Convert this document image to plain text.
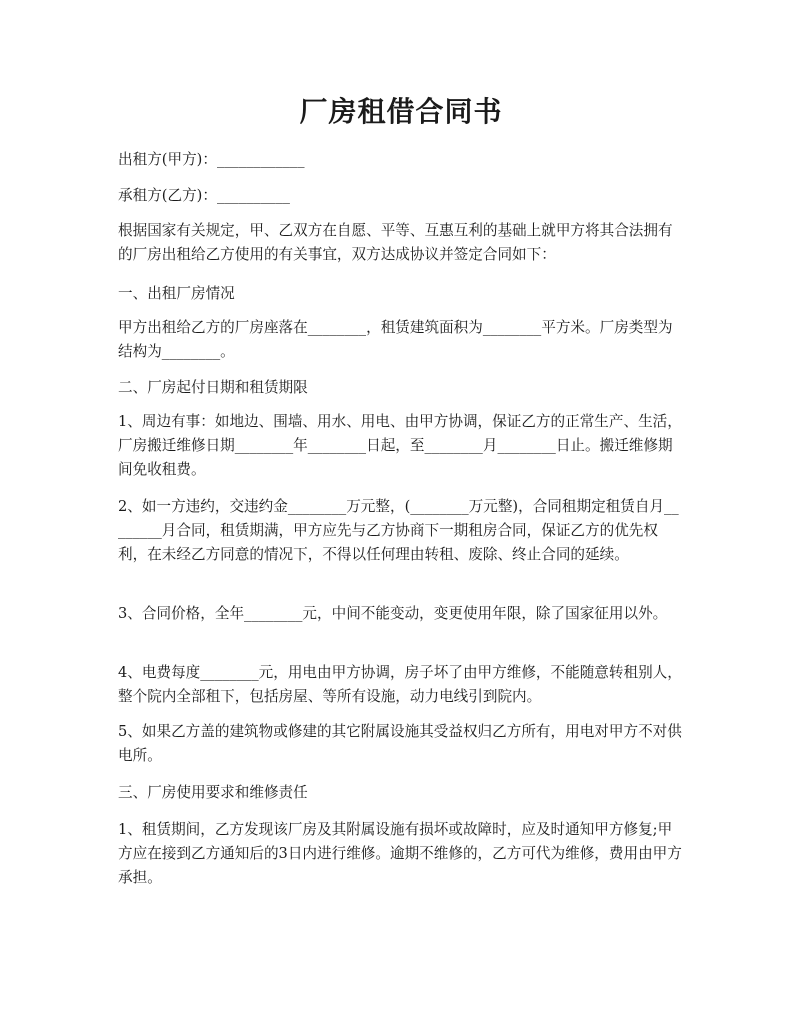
厂房租借合同书

出租方(甲方)：____________

承租方(乙方)：__________

根据国家有关规定，甲、乙双方在自愿、平等、互惠互利的基础上就甲方将其合法拥有的厂房出租给乙方使用的有关事宜，双方达成协议并签定合同如下：

一、出租厂房情况

甲方出租给乙方的厂房座落在________，租赁建筑面积为________平方米。厂房类型为结构为________。

二、厂房起付日期和租赁期限

1、周边有事：如地边、围墙、用水、用电、由甲方协调，保证乙方的正常生产、生活，厂房搬迁维修日期________年________日起，至________月________日止。搬迁维修期间免收租费。

2、如一方违约，交违约金________万元整，(________万元整)，合同租期定租赁自月________月合同，租赁期满，甲方应先与乙方协商下一期租房合同，保证乙方的优先权利，在未经乙方同意的情况下，不得以任何理由转租、废除、终止合同的延续。

3、合同价格，全年________元，中间不能变动，变更使用年限，除了国家征用以外。

4、电费每度________元，用电由甲方协调，房子坏了由甲方维修，不能随意转租别人，整个院内全部租下，包括房屋、等所有设施，动力电线引到院内。

5、如果乙方盖的建筑物或修建的其它附属设施其受益权归乙方所有，用电对甲方不对供电所。

三、厂房使用要求和维修责任

1、租赁期间，乙方发现该厂房及其附属设施有损坏或故障时，应及时通知甲方修复;甲方应在接到乙方通知后的3日内进行维修。逾期不维修的，乙方可代为维修，费用由甲方承担。
